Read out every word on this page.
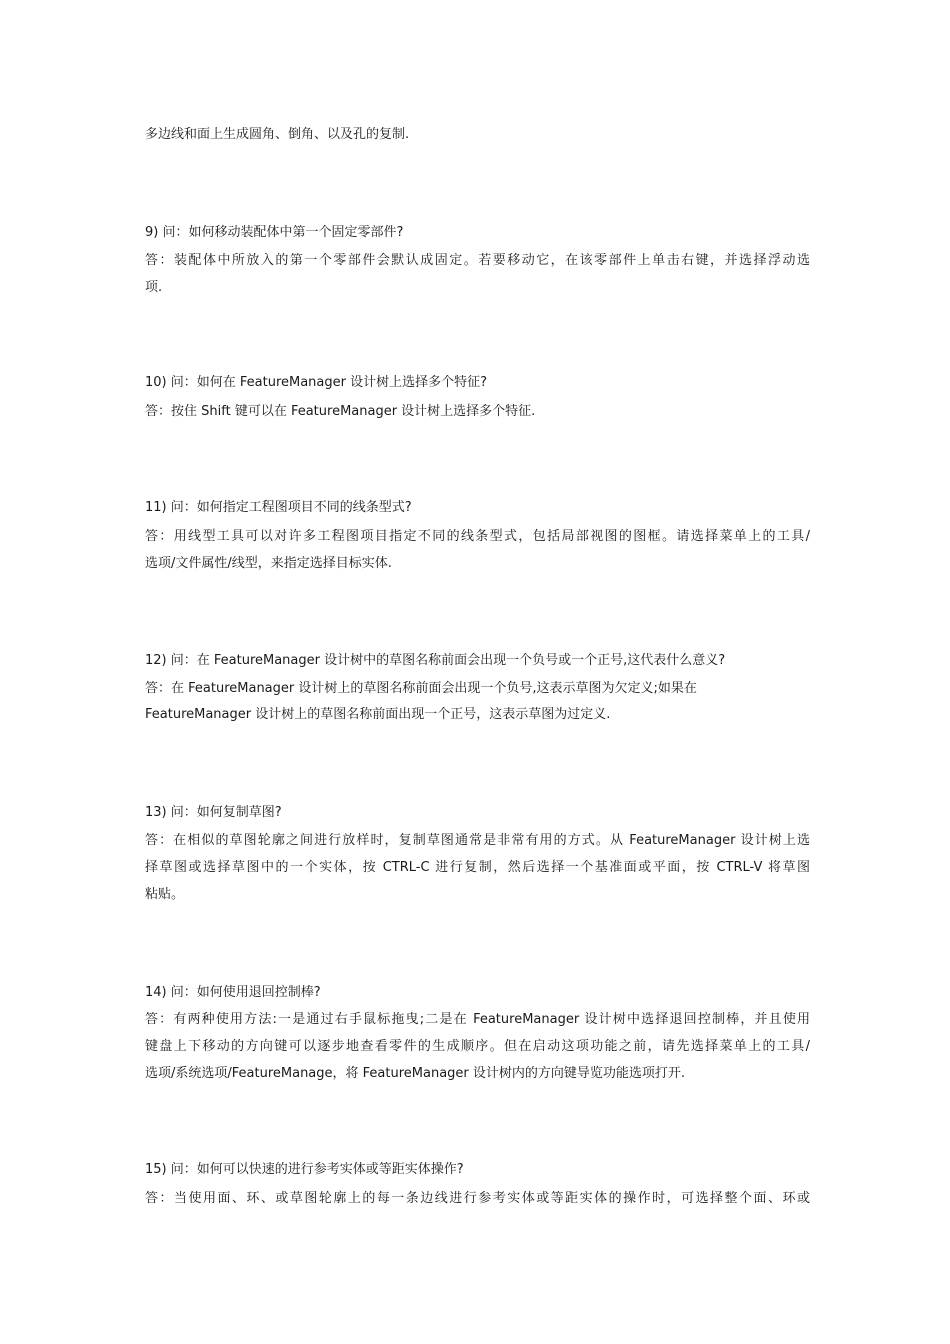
多边线和面上生成圆角、倒角、以及孔的复制.
9) 问：如何移动装配体中第一个固定零部件?
答：装配体中所放入的第一个零部件会默认成固定。若要移动它，在该零部件上单击右键，并选择浮动选
项.
10) 问：如何在 FeatureManager 设计树上选择多个特征?
答：按住 Shift 键可以在 FeatureManager 设计树上选择多个特征.
11) 问：如何指定工程图项目不同的线条型式?
答：用线型工具可以对许多工程图项目指定不同的线条型式，包括局部视图的图框。请选择菜单上的工具/
选项/文件属性/线型，来指定选择目标实体.
12) 问：在 FeatureManager 设计树中的草图名称前面会出现一个负号或一个正号,这代表什么意义?
答：在 FeatureManager 设计树上的草图名称前面会出现一个负号,这表示草图为欠定义;如果在
FeatureManager 设计树上的草图名称前面出现一个正号，这表示草图为过定义.
13) 问：如何复制草图?
答：在相似的草图轮廓之间进行放样时，复制草图通常是非常有用的方式。从 FeatureManager 设计树上选
择草图或选择草图中的一个实体，按 CTRL-C 进行复制，然后选择一个基准面或平面，按 CTRL-V 将草图
粘贴。
14) 问：如何使用退回控制棒?
答：有两种使用方法:一是通过右手鼠标拖曳;二是在 FeatureManager 设计树中选择退回控制棒，并且使用
键盘上下移动的方向键可以逐步地查看零件的生成顺序。但在启动这项功能之前，请先选择菜单上的工具/
选项/系统选项/FeatureManage，将 FeatureManager 设计树内的方向键导览功能选项打开.
15) 问：如何可以快速的进行参考实体或等距实体操作?
答：当使用面、环、或草图轮廓上的每一条边线进行参考实体或等距实体的操作时，可选择整个面、环或
